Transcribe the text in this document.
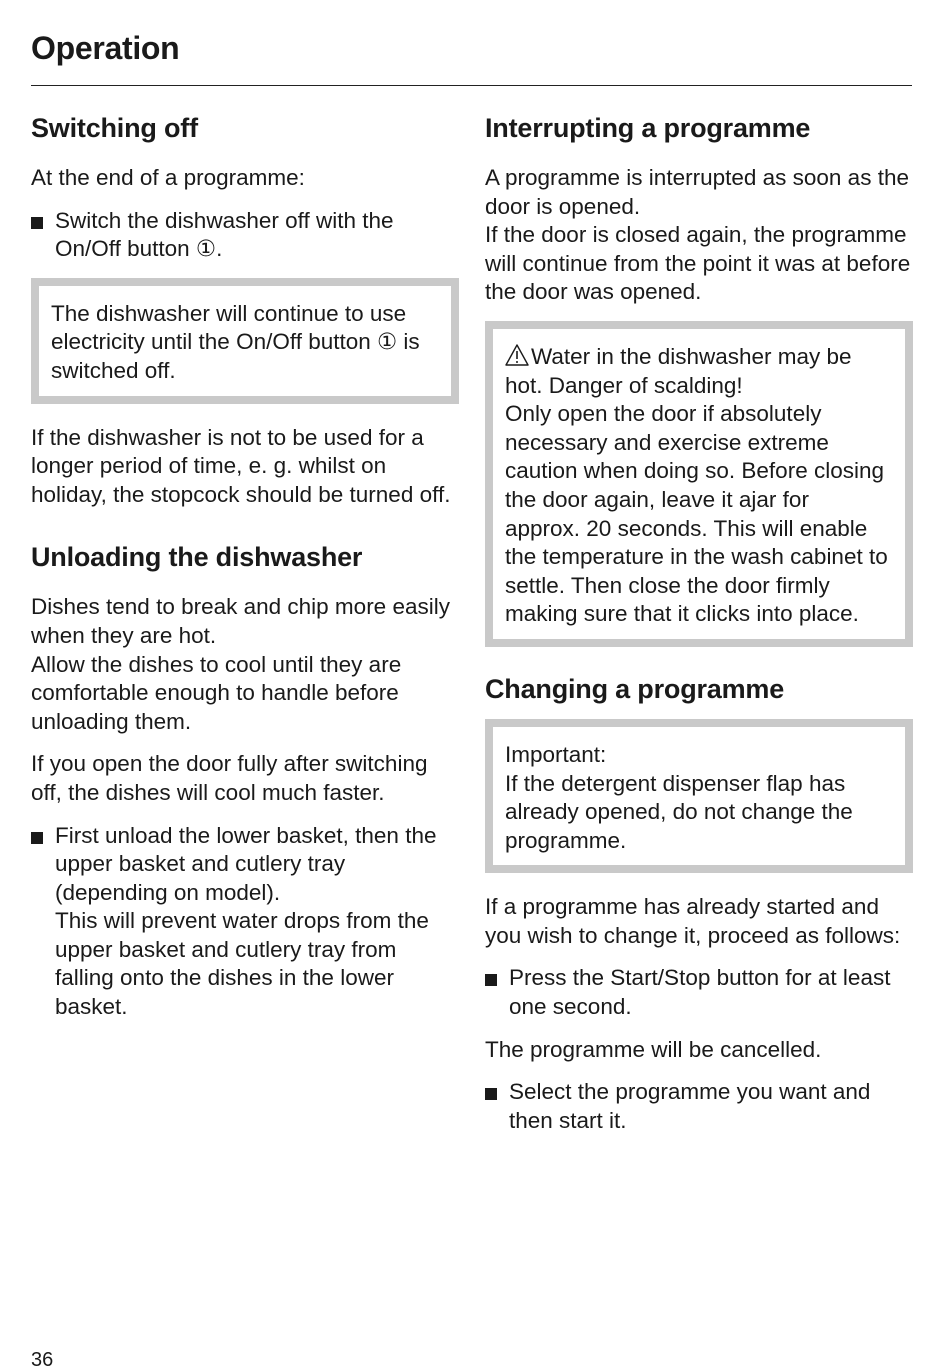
Operation
Switching off
At the end of a programme:
Switch the dishwasher off with the On/Off button ①.
The dishwasher will continue to use electricity until the On/Off button ① is switched off.
If the dishwasher is not to be used for a longer period of time, e. g. whilst on holiday, the stopcock should be turned off.
Unloading the dishwasher
Dishes tend to break and chip more easily when they are hot.
Allow the dishes to cool until they are comfortable enough to handle before unloading them.
If you open the door fully after switching off, the dishes will cool much faster.
First unload the lower basket, then the upper basket and cutlery tray (depending on model).
This will prevent water drops from the upper basket and cutlery tray from falling onto the dishes in the lower basket.
Interrupting a programme
A programme is interrupted as soon as the door is opened.
If the door is closed again, the programme will continue from the point it was at before the door was opened.
Water in the dishwasher may be hot. Danger of scalding!
Only open the door if absolutely necessary and exercise extreme caution when doing so. Before closing the door again, leave it ajar for approx. 20 seconds. This will enable the temperature in the wash cabinet to settle. Then close the door firmly making sure that it clicks into place.
Changing a programme
Important:
If the detergent dispenser flap has already opened, do not change the programme.
If a programme has already started and you wish to change it, proceed as follows:
Press the Start/Stop button for at least one second.
The programme will be cancelled.
Select the programme you want and then start it.
36
